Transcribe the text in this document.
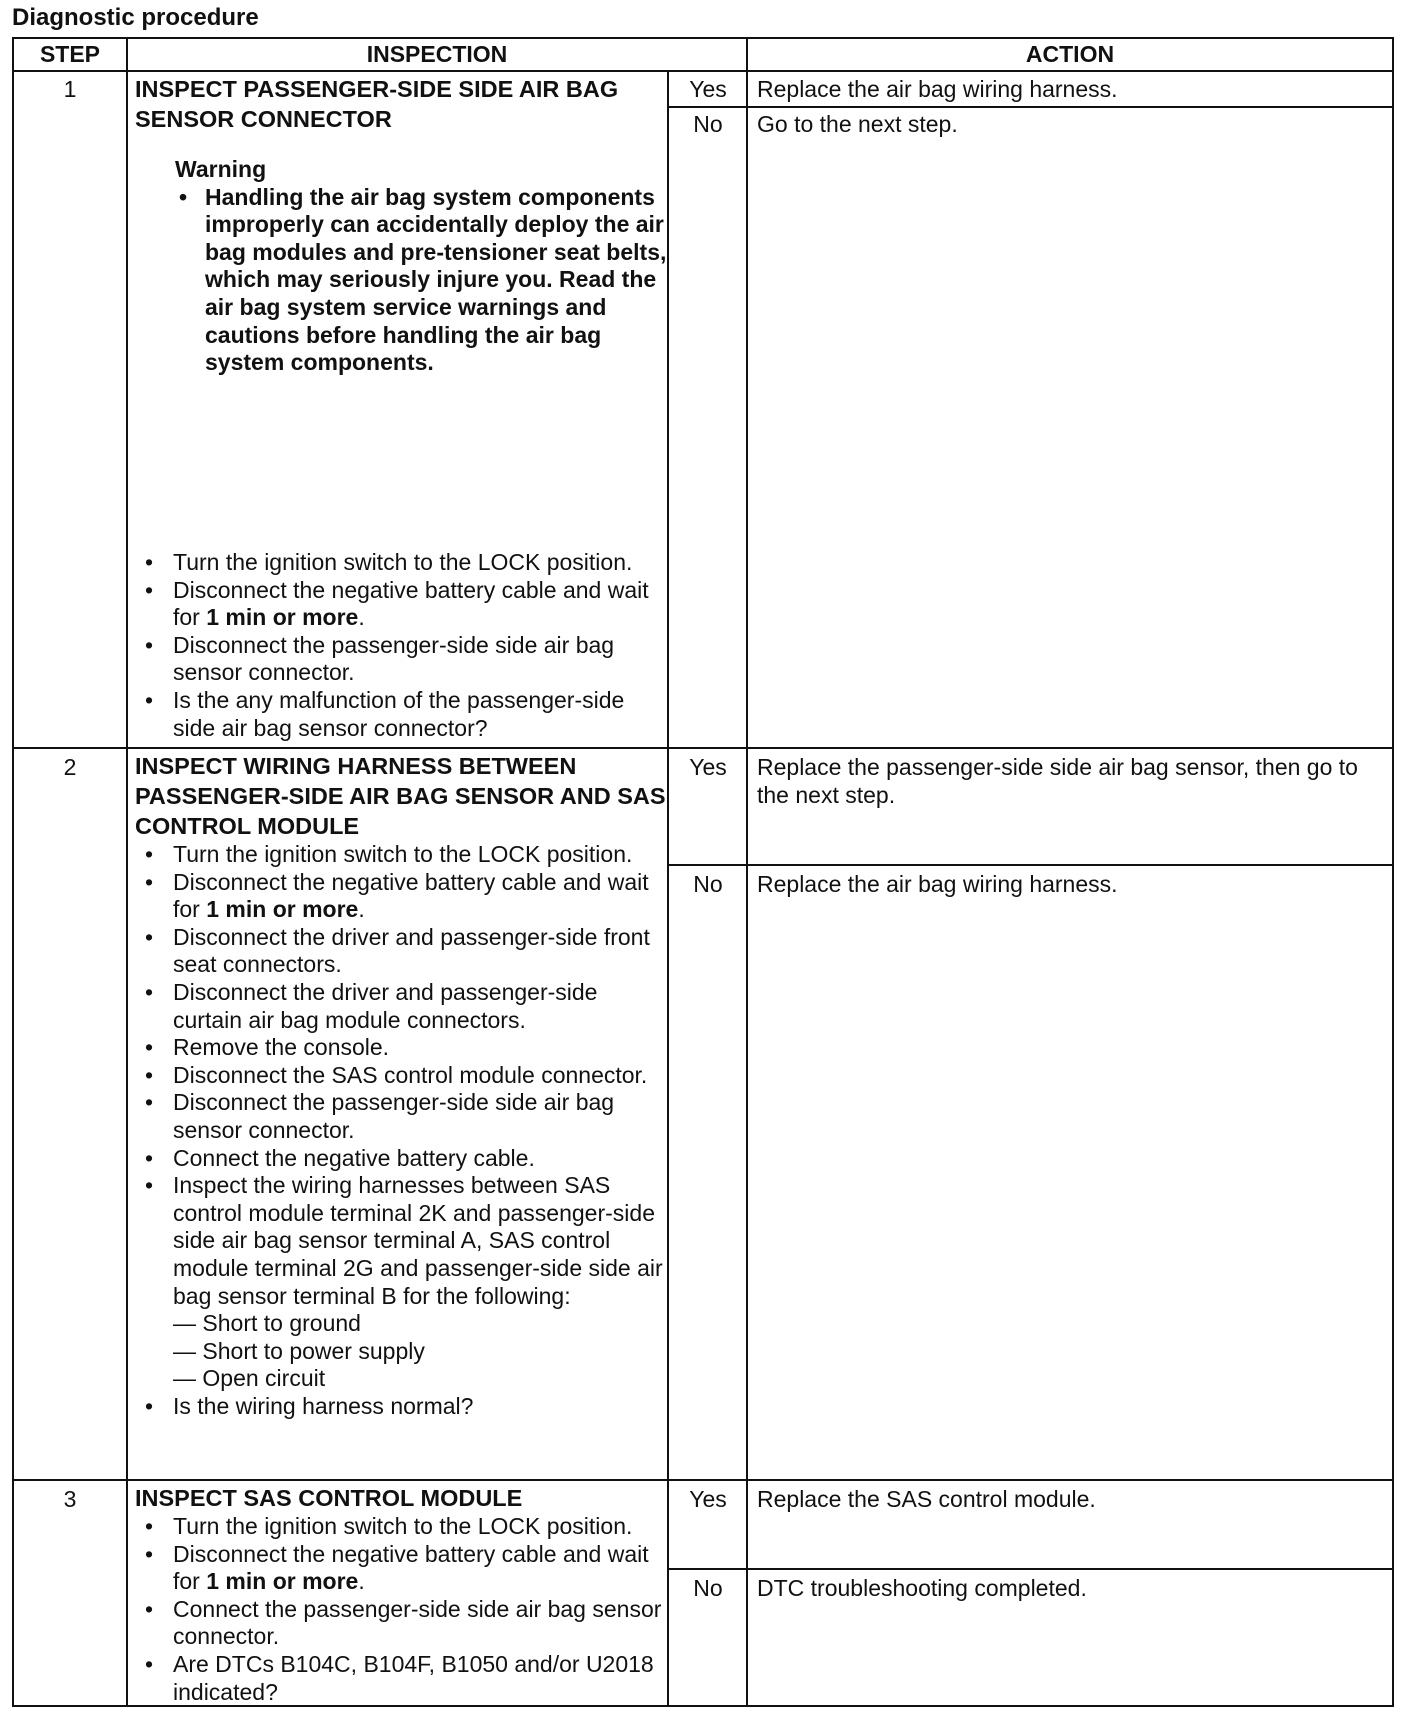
Diagnostic procedure
STEP	INSPECTION	ACTION
1	INSPECT PASSENGER-SIDE SIDE AIR BAG SENSOR CONNECTOR
Warning
• Handling the air bag system components improperly can accidentally deploy the air bag modules and pre-tensioner seat belts, which may seriously injure you. Read the air bag system service warnings and cautions before handling the air bag system components.
• Turn the ignition switch to the LOCK position.
• Disconnect the negative battery cable and wait for 1 min or more.
• Disconnect the passenger-side side air bag sensor connector.
• Is the any malfunction of the passenger-side side air bag sensor connector?
Yes	Replace the air bag wiring harness.
No	Go to the next step.
2	INSPECT WIRING HARNESS BETWEEN PASSENGER-SIDE AIR BAG SENSOR AND SAS CONTROL MODULE
• Turn the ignition switch to the LOCK position.
• Disconnect the negative battery cable and wait for 1 min or more.
• Disconnect the driver and passenger-side front seat connectors.
• Disconnect the driver and passenger-side curtain air bag module connectors.
• Remove the console.
• Disconnect the SAS control module connector.
• Disconnect the passenger-side side air bag sensor connector.
• Connect the negative battery cable.
• Inspect the wiring harnesses between SAS control module terminal 2K and passenger-side side air bag sensor terminal A, SAS control module terminal 2G and passenger-side side air bag sensor terminal B for the following:
— Short to ground
— Short to power supply
— Open circuit
• Is the wiring harness normal?
Yes	Replace the passenger-side side air bag sensor, then go to the next step.
No	Replace the air bag wiring harness.
3	INSPECT SAS CONTROL MODULE
• Turn the ignition switch to the LOCK position.
• Disconnect the negative battery cable and wait for 1 min or more.
• Connect the passenger-side side air bag sensor connector.
• Are DTCs B104C, B104F, B1050 and/or U2018 indicated?
Yes	Replace the SAS control module.
No	DTC troubleshooting completed.
